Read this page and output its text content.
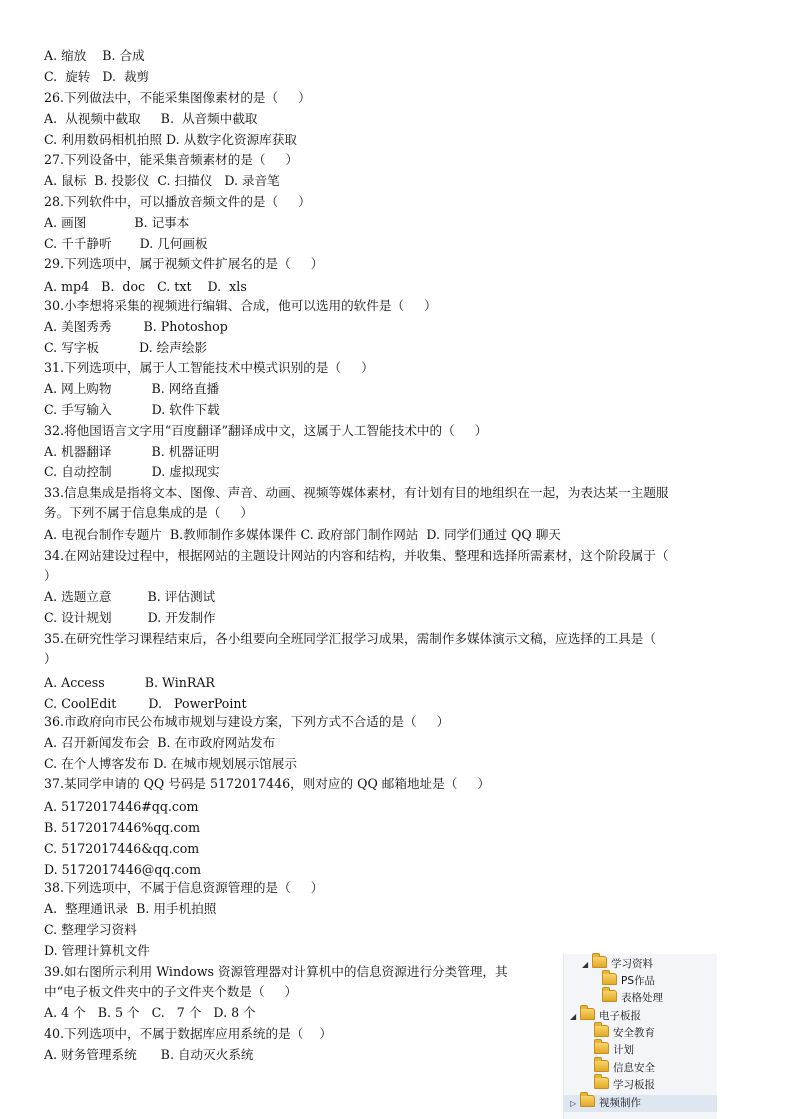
A. 缩放    B. 合成
C.  旋转   D.  裁剪
26.下列做法中，不能采集图像素材的是（     ）
A.  从视频中截取     B.  从音频中截取
C. 利用数码相机拍照 D. 从数字化资源库获取
27.下列设备中，能采集音频素材的是（     ）
A. 鼠标  B. 投影仪  C. 扫描仪   D. 录音笔
28.下列软件中，可以播放音频文件的是（     ）
A. 画图            B. 记事本
C. 千千静听       D. 几何画板
29.下列选项中，属于视频文件扩展名的是（     ）
A. mp4   B.  doc   C. txt    D.  xls
30.小李想将采集的视频进行编辑、合成，他可以选用的软件是（     ）
A. 美图秀秀        B. Photoshop
C. 写字板          D. 绘声绘影
31.下列选项中，属于人工智能技术中模式识别的是（     ）
A. 网上购物          B. 网络直播
C. 手写输入          D. 软件下载
32.将他国语言文字用“百度翻译”翻译成中文，这属于人工智能技术中的（     ）
A. 机器翻译          B. 机器证明
C. 自动控制          D. 虚拟现实
33.信息集成是指将文本、图像、声音、动画、视频等媒体素材，有计划有目的地组织在一起，为表达某一主题服
务。下列不属于信息集成的是（     ）
A. 电视台制作专题片  B.教师制作多媒体课件 C. 政府部门制作网站  D. 同学们通过 QQ 聊天
34.在网站建设过程中，根据网站的主题设计网站的内容和结构，并收集、整理和选择所需素材，这个阶段属于（
）
A. 选题立意         B. 评估测试
C. 设计规划         D. 开发制作
35.在研究性学习课程结束后，各小组要向全班同学汇报学习成果，需制作多媒体演示文稿，应选择的工具是（
）
A. Access          B. WinRAR
C. CoolEdit        D.   PowerPoint
36.市政府向市民公布城市规划与建设方案，下列方式不合适的是（     ）
A. 召开新闻发布会  B. 在市政府网站发布
C. 在个人博客发布 D. 在城市规划展示馆展示
37.某同学申请的 QQ 号码是 5172017446，则对应的 QQ 邮箱地址是（     ）
A. 5172017446#qq.com
B. 5172017446%qq.com
C. 5172017446&qq.com
D. 5172017446@qq.com
38.下列选项中，不属于信息资源管理的是（     ）
A.  整理通讯录  B. 用手机拍照
C. 整理学习资料
D. 管理计算机文件
39.如右图所示利用 Windows 资源管理器对计算机中的信息资源进行分类管理，其
中“电子板文件夹中的子文件夹个数是（     ）
A. 4 个   B. 5 个   C.   7 个   D. 8 个
40.下列选项中，不属于数据库应用系统的是（    ）
A. 财务管理系统      B. 自动灭火系统
◢ 学习资料
PS作品
表格处理
◢ 电子板报
安全教育
计划
信息安全
学习板报
▷ 视频制作
